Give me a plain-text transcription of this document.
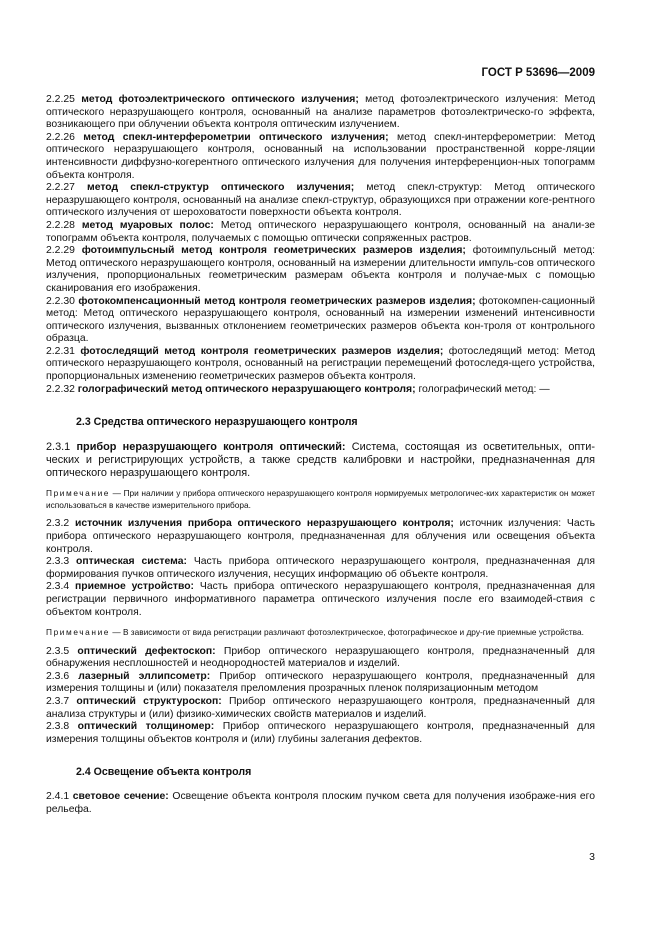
ГОСТ Р 53696—2009

2.2.25 метод фотоэлектрического оптического излучения; метод фотоэлектрического излучения: Метод оптического неразрушающего контроля, основанный на анализе параметров фотоэлектрическо-го эффекта, возникающего при облучении объекта контроля оптическим излучением.

2.2.26 метод спекл-интерферометрии оптического излучения; метод спекл-интерферометрии: Метод оптического неразрушающего контроля, основанный на использовании пространственной корре-ляции интенсивности диффузно-когерентного оптического излучения для получения интерференцион-ных топограмм объекта контроля.

2.2.27 метод спекл-структур оптического излучения; метод спекл-структур: Метод оптического неразрушающего контроля, основанный на анализе спекл-структур, образующихся при отражении коге-рентного оптического излучения от шероховатости поверхности объекта контроля.

2.2.28 метод муаровых полос: Метод оптического неразрушающего контроля, основанный на анали-зе топограмм объекта контроля, получаемых с помощью оптически сопряженных растров.

2.2.29 фотоимпульсный метод контроля геометрических размеров изделия; фотоимпульсный метод: Метод оптического неразрушающего контроля, основанный на измерении длительности импуль-сов оптического излучения, пропорциональных геометрическим размерам объекта контроля и получае-мых с помощью сканирования его изображения.

2.2.30 фотокомпенсационный метод контроля геометрических размеров изделия; фотокомпен-сационный метод: Метод оптического неразрушающего контроля, основанный на измерении изменений интенсивности оптического излучения, вызванных отклонением геометрических размеров объекта кон-троля от контрольного образца.

2.2.31 фотоследящий метод контроля геометрических размеров изделия; фотоследящий метод: Метод оптического неразрушающего контроля, основанный на регистрации перемещений фотоследя-щего устройства, пропорциональных изменению геометрических размеров объекта контроля.

2.2.32 голографический метод оптического неразрушающего контроля; голографический метод: —

2.3 Средства оптического неразрушающего контроля

2.3.1 прибор неразрушающего контроля оптический: Система, состоящая из осветительных, опти-ческих и регистрирующих устройств, а также средств калибровки и настройки, предназначенная для оптического неразрушающего контроля.

Примечание — При наличии у прибора оптического неразрушающего контроля нормируемых метрологичес-ких характеристик он может использоваться в качестве измерительного прибора.

2.3.2 источник излучения прибора оптического неразрушающего контроля; источник излучения: Часть прибора оптического неразрушающего контроля, предназначенная для облучения или освещения объекта контроля.

2.3.3 оптическая система: Часть прибора оптического неразрушающего контроля, предназначенная для формирования пучков оптического излучения, несущих информацию об объекте контроля.

2.3.4 приемное устройство: Часть прибора оптического неразрушающего контроля, предназначенная для регистрации первичного информативного параметра оптического излучения после его взаимодей-ствия с объектом контроля.

Примечание — В зависимости от вида регистрации различают фотоэлектрическое, фотографическое и дру-гие приемные устройства.

2.3.5 оптический дефектоскоп: Прибор оптического неразрушающего контроля, предназначенный для обнаружения несплошностей и неоднородностей материалов и изделий.

2.3.6 лазерный эллипсометр: Прибор оптического неразрушающего контроля, предназначенный для измерения толщины и (или) показателя преломления прозрачных пленок поляризационным методом

2.3.7 оптический структуроскоп: Прибор оптического неразрушающего контроля, предназначенный для анализа структуры и (или) физико-химических свойств материалов и изделий.

2.3.8 оптический толщиномер: Прибор оптического неразрушающего контроля, предназначенный для измерения толщины объектов контроля и (или) глубины залегания дефектов.

2.4 Освещение объекта контроля

2.4.1 световое сечение: Освещение объекта контроля плоским пучком света для получения изображе-ния его рельефа.

3
